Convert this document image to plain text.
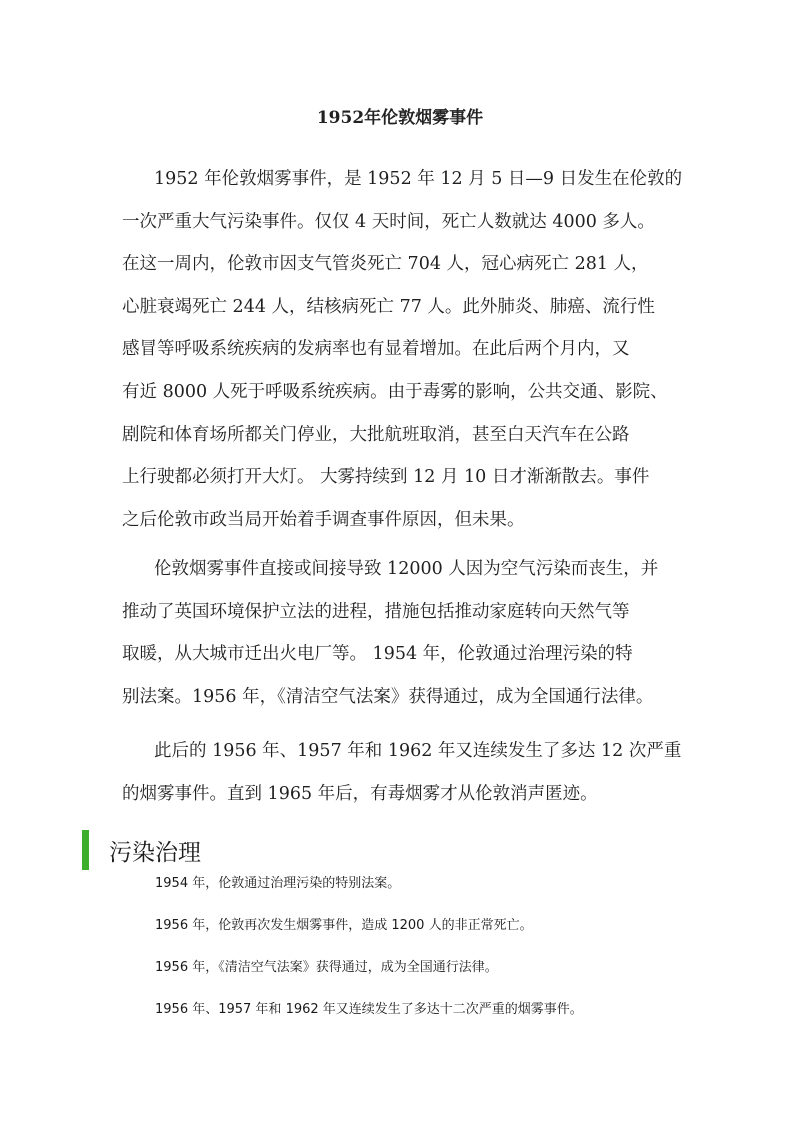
1952年伦敦烟雾事件
1952 年伦敦烟雾事件，是 1952 年 12 月 5 日—9 日发生在伦敦的
一次严重大气污染事件。仅仅 4 天时间，死亡人数就达 4000 多人。
在这一周内，伦敦市因支气管炎死亡 704 人，冠心病死亡 281 人，
心脏衰竭死亡 244 人，结核病死亡 77 人。此外肺炎、肺癌、流行性
感冒等呼吸系统疾病的发病率也有显着增加。在此后两个月内，又
有近 8000 人死于呼吸系统疾病。由于毒雾的影响，公共交通、影院、
剧院和体育场所都关门停业，大批航班取消，甚至白天汽车在公路
上行驶都必须打开大灯。 大雾持续到 12 月 10 日才渐渐散去。事件
之后伦敦市政当局开始着手调查事件原因，但未果。
伦敦烟雾事件直接或间接导致 12000 人因为空气污染而丧生，并
推动了英国环境保护立法的进程，措施包括推动家庭转向天然气等
取暖，从大城市迁出火电厂等。 1954 年，伦敦通过治理污染的特
别法案。1956 年，《清洁空气法案》获得通过，成为全国通行法律。
此后的 1956 年、1957 年和 1962 年又连续发生了多达 12 次严重
的烟雾事件。直到 1965 年后，有毒烟雾才从伦敦消声匿迹。
污染治理
1954 年，伦敦通过治理污染的特别法案。
1956 年，伦敦再次发生烟雾事件，造成 1200 人的非正常死亡。
1956 年，《清洁空气法案》获得通过，成为全国通行法律。
1956 年、1957 年和 1962 年又连续发生了多达十二次严重的烟雾事件。
